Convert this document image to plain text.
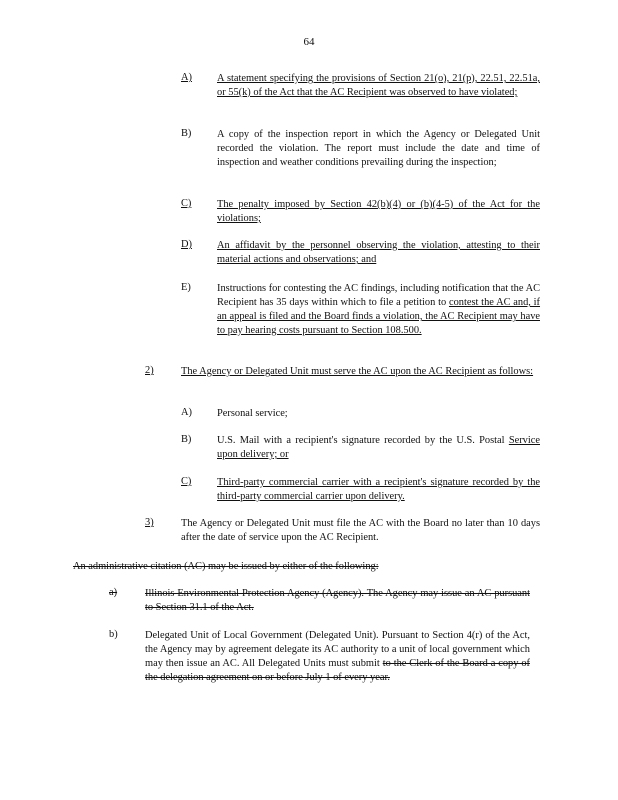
64
A) A statement specifying the provisions of Section 21(o), 21(p), 22.51, 22.51a, or 55(k) of the Act that the AC Recipient was observed to have violated;
B) A copy of the inspection report in which the Agency or Delegated Unit recorded the violation. The report must include the date and time of inspection and weather conditions prevailing during the inspection;
C) The penalty imposed by Section 42(b)(4) or (b)(4-5) of the Act for the violations;
D) An affidavit by the personnel observing the violation, attesting to their material actions and observations; and
E)	Instructions for contesting the AC findings, including notification that the AC Recipient has 35 days within which to file a petition to contest the AC and, if an appeal is filed and the Board finds a violation, the AC Recipient may have to pay hearing costs pursuant to Section 108.500.
2)	The Agency or Delegated Unit must serve the AC upon the AC Recipient as follows:
A) Personal service;
B) U.S. Mail with a recipient's signature recorded by the U.S. Postal Service upon delivery; or
C) Third-party commercial carrier with a recipient's signature recorded by the third-party commercial carrier upon delivery.
3)	The Agency or Delegated Unit must file the AC with the Board no later than 10 days after the date of service upon the AC Recipient.
An administrative citation (AC) may be issued by either of the following:
a)	Illinois Environmental Protection Agency (Agency). The Agency may issue an AC pursuant to Section 31.1 of the Act.
b)	Delegated Unit of Local Government (Delegated Unit). Pursuant to Section 4(r) of the Act, the Agency may by agreement delegate its AC authority to a unit of local government which may then issue an AC. All Delegated Units must submit to the Clerk of the Board a copy of the delegation agreement on or before July 1 of every year.
